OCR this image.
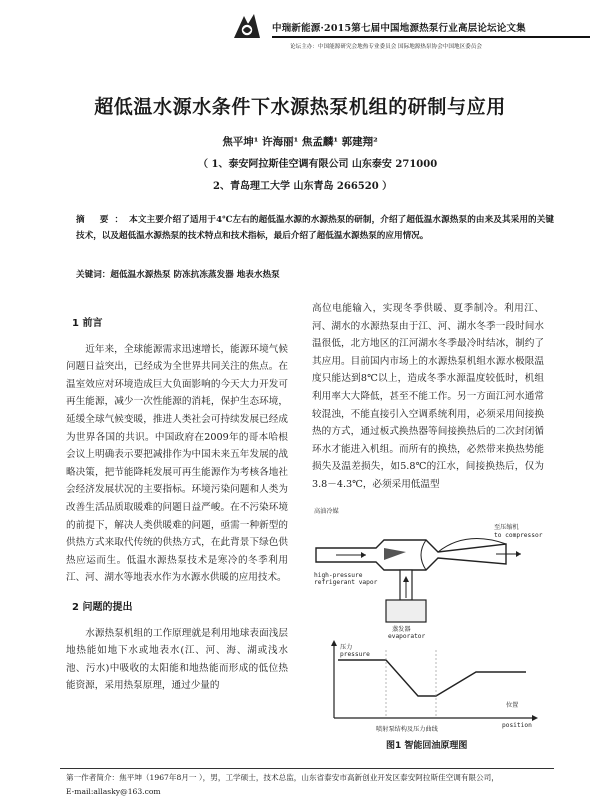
中瑞新能源·2015第七届中国地源热泵行业高层论坛论文集
论坛主办：中国能源研究会地热专业委员会 国际地源热泵协会中国地区委员会
超低温水源水条件下水源热泵机组的研制与应用
焦平坤¹ 许海丽¹ 焦孟麟¹ 郭建翔²
（ 1、泰安阿拉斯佳空调有限公司 山东泰安 271000
2、青岛理工大学 山东青岛 266520 ）
摘 要：本文主要介绍了适用于4℃左右的超低温水源的水源热泵的研制，介绍了超低温水源热泵的由来及其采用的关键技术，以及超低温水源热泵的技术特点和技术指标，最后介绍了超低温水源热泵的应用情况。
关键词：超低温水源热泵 防冻抗冻蒸发器 地表水热泵
1 前言

近年来，全球能源需求迅速增长，能源环境气候问题日益突出，已经成为全世界共同关注的焦点。在温室效应对环境造成巨大负面影响的今天大力开发可再生能源，减少一次性能源的消耗，保护生态环境，延缓全球气候变暖，推进人类社会可持续发展已经成为世界各国的共识。中国政府在2009年的哥本哈根会议上明确表示要把减排作为中国未来五年发展的战略决策，把节能降耗发展可再生能源作为考核各地社会经济发展状况的主要指标。环境污染问题和人类为改善生活品质取暖难的问题日益严峻。在不污染环境的前提下，解决人类供暖难的问题，亟需一种新型的供热方式来取代传统的供热方式，在此背景下绿色供热应运而生。低温水源热泵技术是寒冷的冬季利用江、河、湖水等地表水作为水源水供暖的应用技术。

2 问题的提出

水源热泵机组的工作原理就是利用地球表面浅层地热能如地下水或地表水(江、河、海、湖或浅水池、污水)中吸收的太阳能和地热能而形成的低位热能资源，采用热泵原理，通过少量的

高位电能输入，实现冬季供暖、夏季制冷。利用江、河、湖水的水源热泵由于江、河、湖水冬季一段时间水温很低，北方地区的江河湖水冬季最冷时结冰，制约了其应用。目前国内市场上的水源热泵机组水源水极限温度只能达到8℃以上，造成冬季水源温度较低时，机组利用率大大降低，甚至不能工作。另一方面江河水通常较混浊，不能直接引入空调系统利用，必须采用间接换热的方式，通过板式换热器等间接换热后的二次封闭循环水才能进入机组。而所有的换热，必然带来换热势能损失及温差损失，如5.8℃的江水，间接换热后，仅为3.8－4.3℃，必须采用低温型

高油冷媒
high-pressure refrigerant vapor
至压缩机
to compressor
蒸发器
evaporator
压力
pressure
位置
position
喷射泵结构及压力曲线
图1 智能回油原理图
第一作者简介：焦平坤（1967年8月一 ），男，工学硕士，技术总监，山东省泰安市高新创业开发区泰安阿拉斯佳空调有限公司，
E-mail:allasky@163.com
